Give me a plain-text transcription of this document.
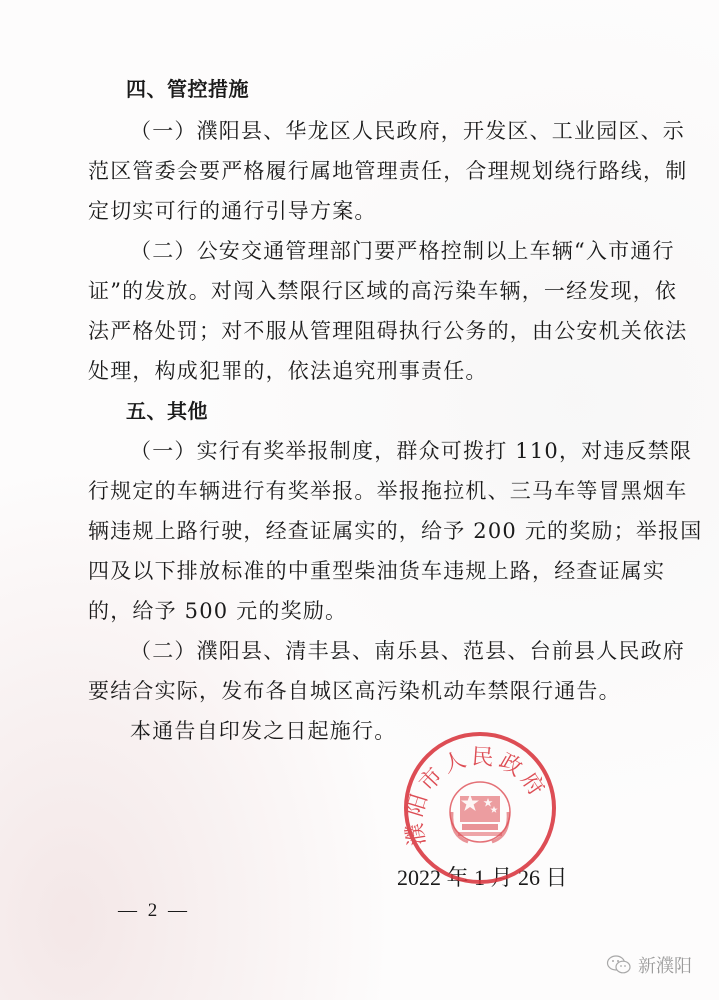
四、管控措施
（一）濮阳县、华龙区人民政府，开发区、工业园区、示
范区管委会要严格履行属地管理责任，合理规划绕行路线，制
定切实可行的通行引导方案。
（二）公安交通管理部门要严格控制以上车辆“入市通行
证”的发放。对闯入禁限行区域的高污染车辆，一经发现，依
法严格处罚；对不服从管理阻碍执行公务的，由公安机关依法
处理，构成犯罪的，依法追究刑事责任。
五、其他
（一）实行有奖举报制度，群众可拨打 110，对违反禁限
行规定的车辆进行有奖举报。举报拖拉机、三马车等冒黑烟车
辆违规上路行驶，经查证属实的，给予 200 元的奖励；举报国
四及以下排放标准的中重型柴油货车违规上路，经查证属实
的，给予 500 元的奖励。
（二）濮阳县、清丰县、南乐县、范县、台前县人民政府
要结合实际，发布各自城区高污染机动车禁限行通告。
本通告自印发之日起施行。
濮阳市人民政府
2022 年 1 月 26 日
— 2 —
新濮阳
